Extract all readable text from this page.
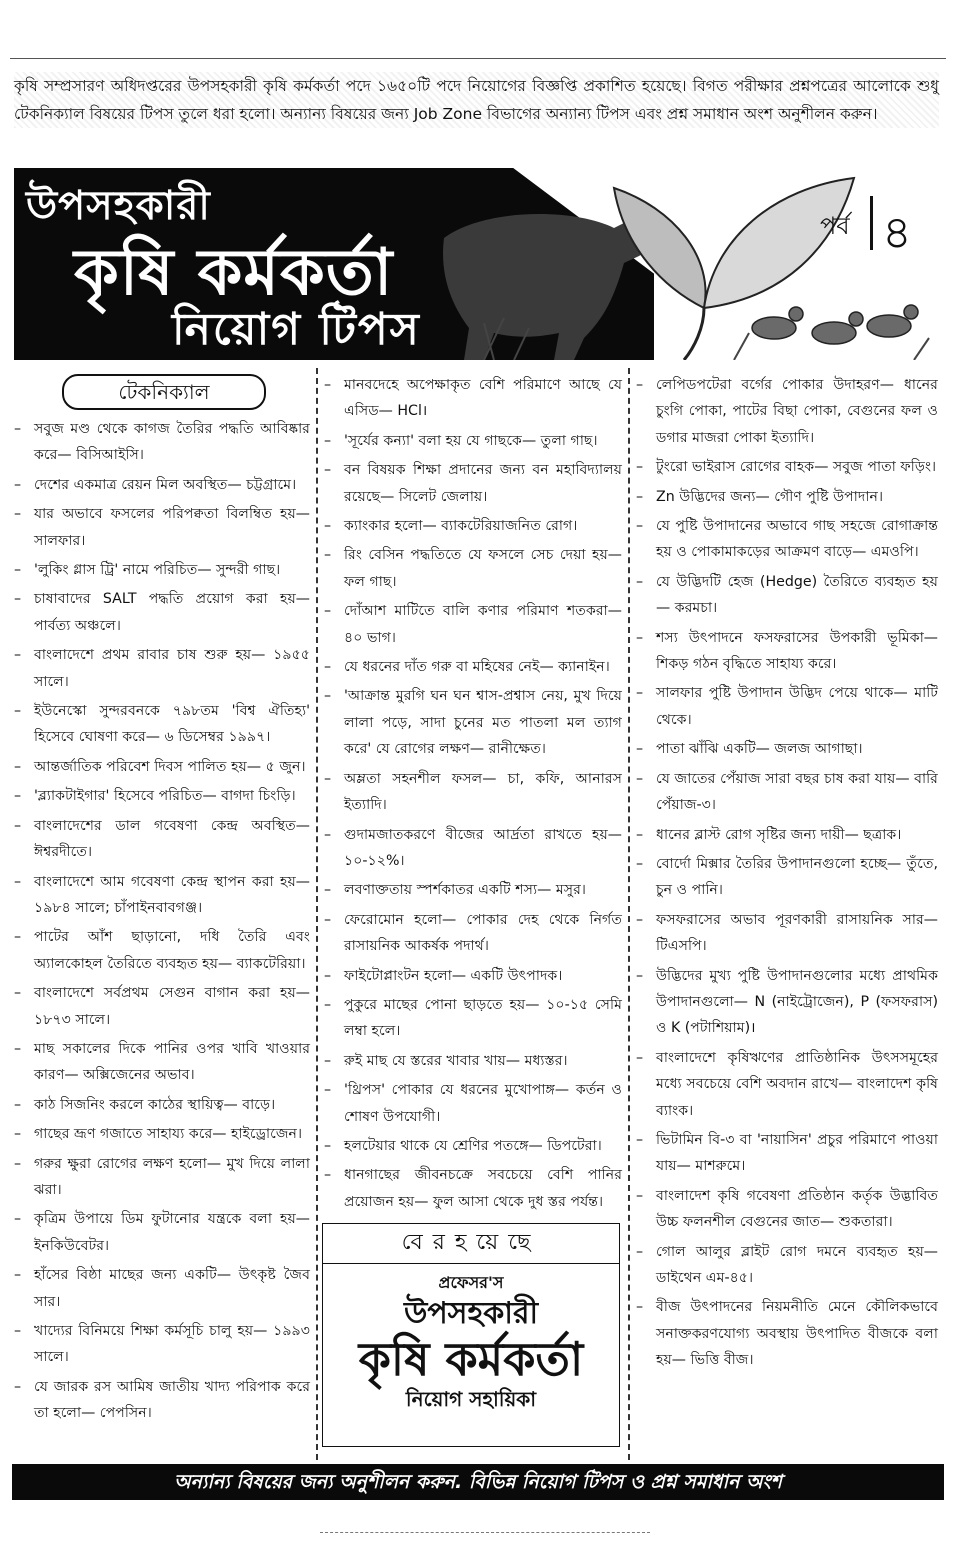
কৃষি সম্প্রসারণ অধিদপ্তরের উপসহকারী কৃষি কর্মকর্তা পদে ১৬৫০টি পদে নিয়োগের বিজ্ঞপ্তি প্রকাশিত হয়েছে। বিগত পরীক্ষার প্রশ্নপত্রের আলোকে শুধু টেকনিক্যাল বিষয়ের টিপস তুলে ধরা হলো। অন্যান্য বিষয়ের জন্য Job Zone বিভাগের অন্যান্য টিপস এবং প্রশ্ন সমাধান অংশ অনুশীলন করুন।

উপসহকারী
কৃষি কর্মকর্তা
নিয়োগ টিপস
পর্ব ৪
টেকনিক্যাল
– সবুজ মণ্ড থেকে কাগজ তৈরির পদ্ধতি আবিষ্কার করে— বিসিআইসি।
– দেশের একমাত্র রেয়ন মিল অবস্থিত— চট্টগ্রামে।
– যার অভাবে ফসলের পরিপক্বতা বিলম্বিত হয়— সালফার।
– 'লুকিং গ্লাস ট্রি' নামে পরিচিত— সুন্দরী গাছ।
– চাষাবাদের SALT পদ্ধতি প্রয়োগ করা হয়— পার্বত্য অঞ্চলে।
– বাংলাদেশে প্রথম রাবার চাষ শুরু হয়— ১৯৫৫ সালে।
– ইউনেস্কো সুন্দরবনকে ৭৯৮তম 'বিশ্ব ঐতিহ্য' হিসেবে ঘোষণা করে— ৬ ডিসেম্বর ১৯৯৭।
– আন্তর্জাতিক পরিবেশ দিবস পালিত হয়— ৫ জুন।
– 'ব্ল্যাকটাইগার' হিসেবে পরিচিত— বাগদা চিংড়ি।
– বাংলাদেশের ডাল গবেষণা কেন্দ্র অবস্থিত— ঈশ্বরদীতে।
– বাংলাদেশে আম গবেষণা কেন্দ্র স্থাপন করা হয়— ১৯৮৪ সালে; চাঁপাইনবাবগঞ্জ।
– পাটের আঁশ ছাড়ানো, দধি তৈরি এবং অ্যালকোহল তৈরিতে ব্যবহৃত হয়— ব্যাকটেরিয়া।
– বাংলাদেশে সর্বপ্রথম সেগুন বাগান করা হয়— ১৮৭৩ সালে।
– মাছ সকালের দিকে পানির ওপর খাবি খাওয়ার কারণ— অক্সিজেনের অভাব।
– কাঠ সিজনিং করলে কাঠের স্থায়িত্ব— বাড়ে।
– গাছের ভ্রূণ গজাতে সাহায্য করে— হাইড্রোজেন।
– গরুর ক্ষুরা রোগের লক্ষণ হলো— মুখ দিয়ে লালা ঝরা।
– কৃত্রিম উপায়ে ডিম ফুটানোর যন্ত্রকে বলা হয়— ইনকিউবেটর।
– হাঁসের বিষ্ঠা মাছের জন্য একটি— উৎকৃষ্ট জৈব সার।
– খাদ্যের বিনিময়ে শিক্ষা কর্মসূচি চালু হয়— ১৯৯৩ সালে।
– যে জারক রস আমিষ জাতীয় খাদ্য পরিপাক করে তা হলো— পেপসিন।
– মানবদেহে অপেক্ষাকৃত বেশি পরিমাণে আছে যে এসিড— HCl।
– 'সূর্যের কন্যা' বলা হয় যে গাছকে— তুলা গাছ।
– বন বিষয়ক শিক্ষা প্রদানের জন্য বন মহাবিদ্যালয় রয়েছে— সিলেট জেলায়।
– ক্যাংকার হলো— ব্যাকটেরিয়াজনিত রোগ।
– রিং বেসিন পদ্ধতিতে যে ফসলে সেচ দেয়া হয়— ফল গাছ।
– দোঁআশ মাটিতে বালি কণার পরিমাণ শতকরা— ৪০ ভাগ।
– যে ধরনের দাঁত গরু বা মহিষের নেই— ক্যানাইন।
– 'আক্রান্ত মুরগি ঘন ঘন শ্বাস-প্রশ্বাস নেয়, মুখ দিয়ে লালা পড়ে, সাদা চুনের মত পাতলা মল ত্যাগ করে' যে রোগের লক্ষণ— রানীক্ষেত।
– অম্লতা সহনশীল ফসল— চা, কফি, আনারস ইত্যাদি।
– গুদামজাতকরণে বীজের আর্দ্রতা রাখতে হয়— ১০-১২%।
– লবণাক্ততায় স্পর্শকাতর একটি শস্য— মসুর।
– ফেরোমোন হলো— পোকার দেহ থেকে নির্গত রাসায়নিক আকর্ষক পদার্থ।
– ফাইটোপ্লাংটন হলো— একটি উৎপাদক।
– পুকুরে মাছের পোনা ছাড়তে হয়— ১০-১৫ সেমি লম্বা হলে।
– রুই মাছ যে স্তরের খাবার খায়— মধ্যস্তর।
– 'থ্রিপস' পোকার যে ধরনের মুখোপাঙ্গ— কর্তন ও শোষণ উপযোগী।
– হলটেয়ার থাকে যে শ্রেণির পতঙ্গে— ডিপটেরা।
– ধানগাছের জীবনচক্রে সবচেয়ে বেশি পানির প্রয়োজন হয়— ফুল আসা থেকে দুধ স্তর পর্যন্ত।
বেরহয়েছে
প্রফেসর'স
উপসহকারী
কৃষি কর্মকর্তা
নিয়োগ সহায়িকা
– লেপিডপটেরা বর্গের পোকার উদাহরণ— ধানের চুংগি পোকা, পাটের বিছা পোকা, বেগুনের ফল ও ডগার মাজরা পোকা ইত্যাদি।
– টুংরো ভাইরাস রোগের বাহক— সবুজ পাতা ফড়িং।
– Zn উদ্ভিদের জন্য— গৌণ পুষ্টি উপাদান।
– যে পুষ্টি উপাদানের অভাবে গাছ সহজে রোগাক্রান্ত হয় ও পোকামাকড়ের আক্রমণ বাড়ে— এমওপি।
– যে উদ্ভিদটি হেজ (Hedge) তৈরিতে ব্যবহৃত হয়— করমচা।
– শস্য উৎপাদনে ফসফরাসের উপকারী ভূমিকা— শিকড় গঠন বৃদ্ধিতে সাহায্য করে।
– সালফার পুষ্টি উপাদান উদ্ভিদ পেয়ে থাকে— মাটি থেকে।
– পাতা ঝাঁঝি একটি— জলজ আগাছা।
– যে জাতের পেঁয়াজ সারা বছর চাষ করা যায়— বারি পেঁয়াজ-৩।
– ধানের ব্লাস্ট রোগ সৃষ্টির জন্য দায়ী— ছত্রাক।
– বোর্দো মিক্সার তৈরির উপাদানগুলো হচ্ছে— তুঁতে, চুন ও পানি।
– ফসফরাসের অভাব পূরণকারী রাসায়নিক সার— টিএসপি।
– উদ্ভিদের মুখ্য পুষ্টি উপাদানগুলোর মধ্যে প্রাথমিক উপাদানগুলো— N (নাইট্রোজেন), P (ফসফরাস) ও K (পটাশিয়াম)।
– বাংলাদেশে কৃষিঋণের প্রাতিষ্ঠানিক উৎসসমূহের মধ্যে সবচেয়ে বেশি অবদান রাখে— বাংলাদেশ কৃষি ব্যাংক।
– ভিটামিন বি-৩ বা 'নায়াসিন' প্রচুর পরিমাণে পাওয়া যায়— মাশরুমে।
– বাংলাদেশ কৃষি গবেষণা প্রতিষ্ঠান কর্তৃক উদ্ভাবিত উচ্চ ফলনশীল বেগুনের জাত— শুকতারা।
– গোল আলুর ব্লাইট রোগ দমনে ব্যবহৃত হয়— ডাইথেন এম-৪৫।
– বীজ উৎপাদনের নিয়মনীতি মেনে কৌলিকভাবে সনাক্তকরণযোগ্য অবস্থায় উৎপাদিত বীজকে বলা হয়— ভিত্তি বীজ।
অন্যান্য বিষয়ের জন্য অনুশীলন করুন. বিভিন্ন নিয়োগ টিপস ও প্রশ্ন সমাধান অংশ
